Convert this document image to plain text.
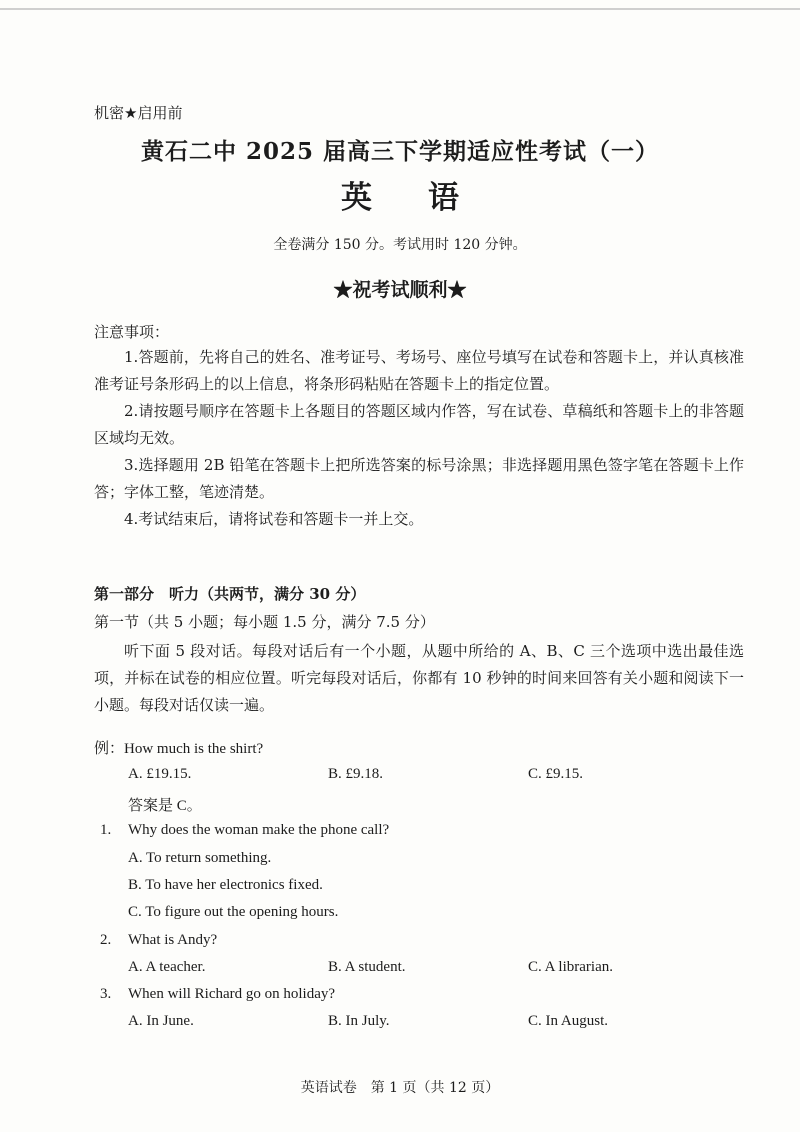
机密★启用前
黄石二中 2025 届高三下学期适应性考试（一）
英 语
全卷满分 150 分。考试用时 120 分钟。
★祝考试顺利★
注意事项：
1.答题前，先将自己的姓名、准考证号、考场号、座位号填写在试卷和答题卡上，并认真核准准考证号条形码上的以上信息，将条形码粘贴在答题卡上的指定位置。
2.请按题号顺序在答题卡上各题目的答题区域内作答，写在试卷、草稿纸和答题卡上的非答题区域均无效。
3.选择题用 2B 铅笔在答题卡上把所选答案的标号涂黑；非选择题用黑色签字笔在答题卡上作答；字体工整，笔迹清楚。
4.考试结束后，请将试卷和答题卡一并上交。
第一部分　听力（共两节，满分 30 分）
第一节（共 5 小题；每小题 1.5 分，满分 7.5 分）
听下面 5 段对话。每段对话后有一个小题，从题中所给的 A、B、C 三个选项中选出最佳选项，并标在试卷的相应位置。听完每段对话后，你都有 10 秒钟的时间来回答有关小题和阅读下一小题。每段对话仅读一遍。
例：How much is the shirt?
A. £19.15.	B. £9.18.	C. £9.15.
答案是 C。
1. Why does the woman make the phone call?
A. To return something.
B. To have her electronics fixed.
C. To figure out the opening hours.
2. What is Andy?
A. A teacher.	B. A student.	C. A librarian.
3. When will Richard go on holiday?
A. In June.	B. In July.	C. In August.
英语试卷　第 1 页（共 12 页）
